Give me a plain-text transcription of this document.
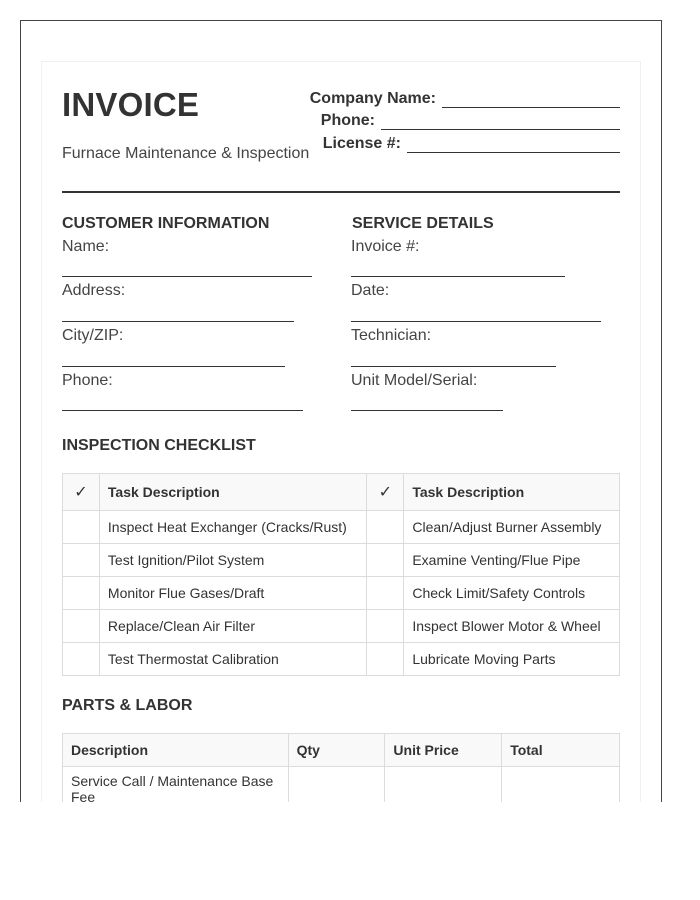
INVOICE
Furnace Maintenance & Inspection
Company Name:
Phone:
License #:
CUSTOMER INFORMATION
Name:
Address:
City/ZIP:
Phone:
SERVICE DETAILS
Invoice #:
Date:
Technician:
Unit Model/Serial:
INSPECTION CHECKLIST
✓	Task Description	✓	Task Description
	Inspect Heat Exchanger (Cracks/Rust)		Clean/Adjust Burner Assembly
	Test Ignition/Pilot System		Examine Venting/Flue Pipe
	Monitor Flue Gases/Draft		Check Limit/Safety Controls
	Replace/Clean Air Filter		Inspect Blower Motor & Wheel
	Test Thermostat Calibration		Lubricate Moving Parts
PARTS & LABOR
Description	Qty	Unit Price	Total
Service Call / Maintenance Base Fee			
